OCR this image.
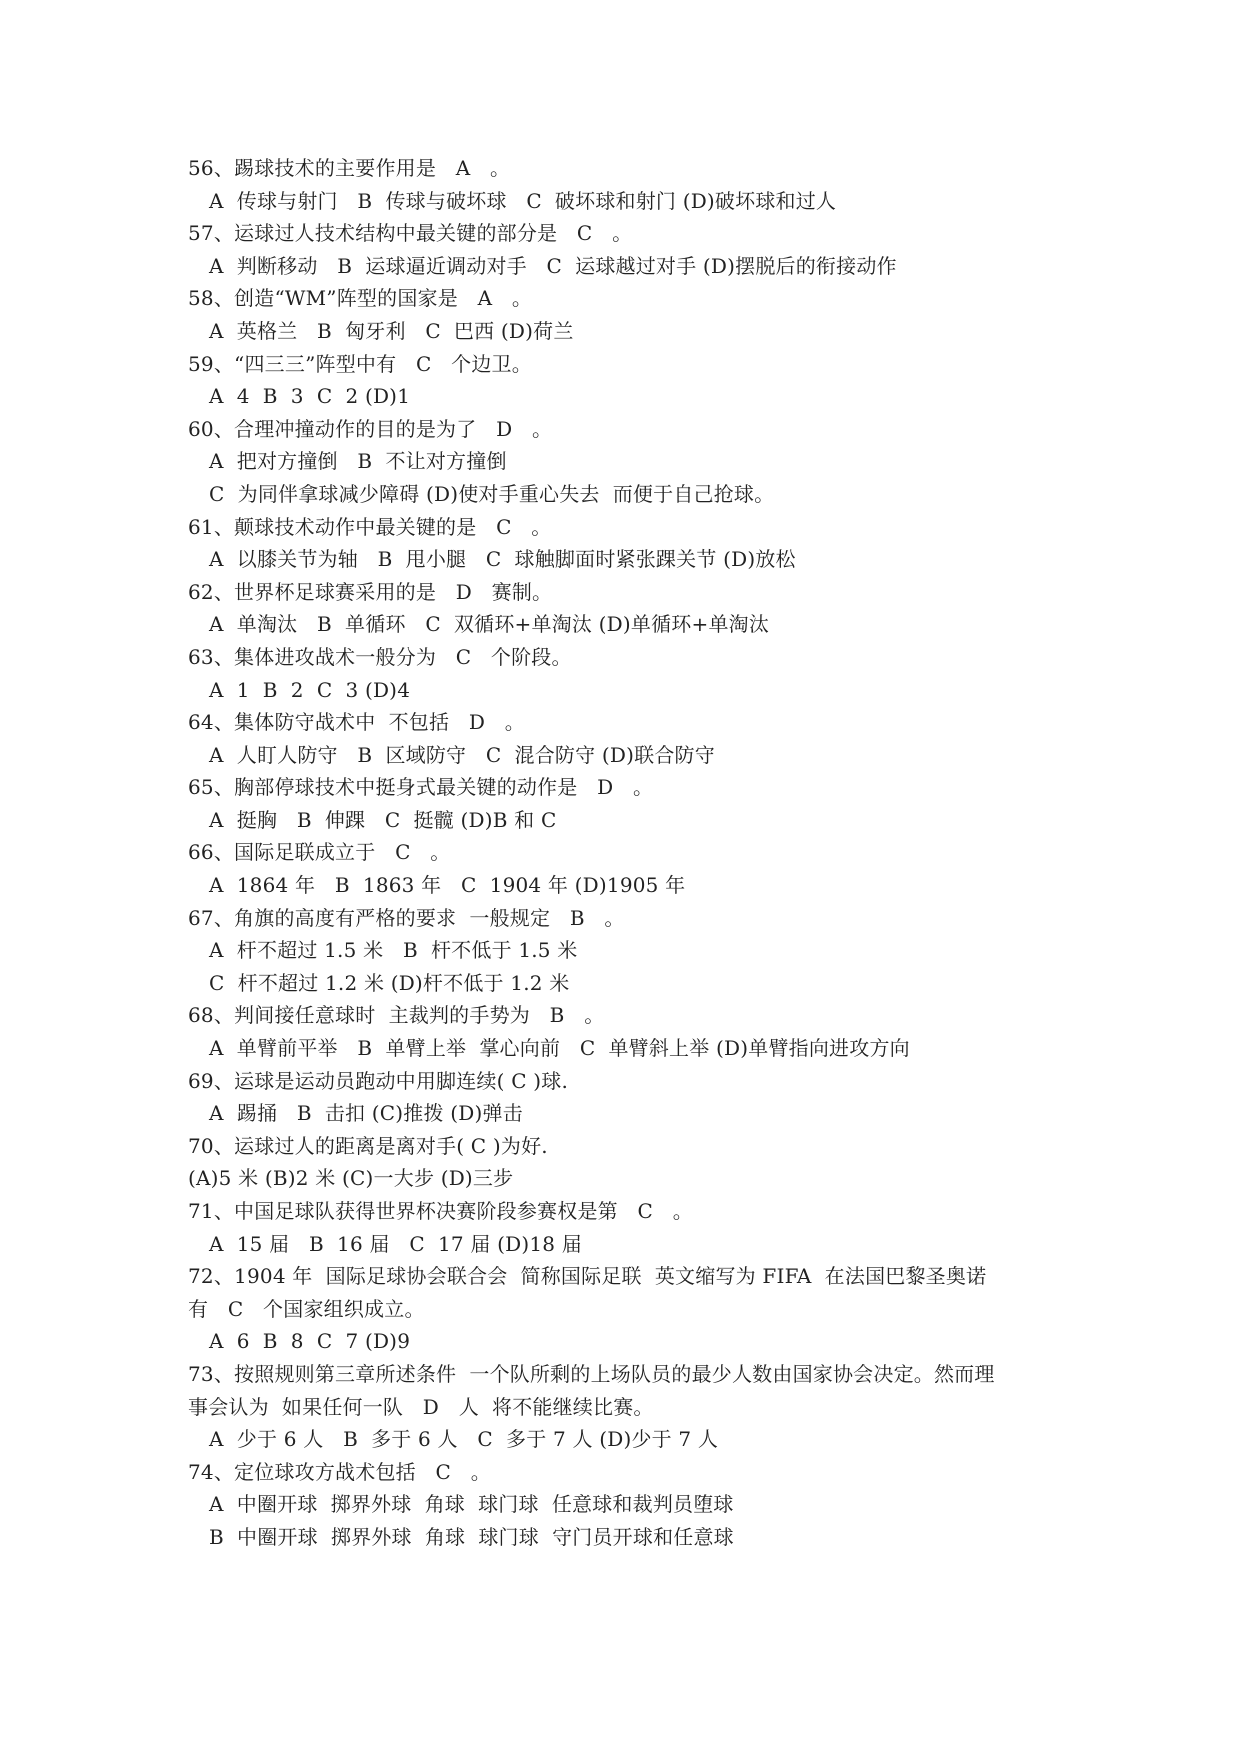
56、踢球技术的主要作用是   A   。
A  传球与射门   B  传球与破坏球   C  破坏球和射门 (D)破坏球和过人
57、运球过人技术结构中最关键的部分是   C   。
A  判断移动   B  运球逼近调动对手   C  运球越过对手 (D)摆脱后的衔接动作
58、创造“WM”阵型的国家是   A   。
A  英格兰   B  匈牙利   C  巴西 (D)荷兰
59、“四三三”阵型中有   C   个边卫。
A  4  B  3  C  2 (D)1
60、合理冲撞动作的目的是为了   D   。
A  把对方撞倒   B  不让对方撞倒
C  为同伴拿球减少障碍 (D)使对手重心失去  而便于自己抢球。
61、颠球技术动作中最关键的是   C   。
A  以膝关节为轴   B  甩小腿   C  球触脚面时紧张踝关节 (D)放松
62、世界杯足球赛采用的是   D   赛制。
A  单淘汰   B  单循环   C  双循环+单淘汰 (D)单循环+单淘汰
63、集体进攻战术一般分为   C   个阶段。
A  1  B  2  C  3 (D)4
64、集体防守战术中  不包括   D   。
A  人盯人防守   B  区域防守   C  混合防守 (D)联合防守
65、胸部停球技术中挺身式最关键的动作是   D   。
A  挺胸   B  伸踝   C  挺髋 (D)B 和 C
66、国际足联成立于   C   。
A  1864 年   B  1863 年   C  1904 年 (D)1905 年
67、角旗的高度有严格的要求  一般规定   B   。
A  杆不超过 1.5 米   B  杆不低于 1.5 米
C  杆不超过 1.2 米 (D)杆不低于 1.2 米
68、判间接任意球时  主裁判的手势为   B   。
A  单臂前平举   B  单臂上举  掌心向前   C  单臂斜上举 (D)单臂指向进攻方向
69、运球是运动员跑动中用脚连续( C )球.
A  踢捅   B  击扣 (C)推拨 (D)弹击
70、运球过人的距离是离对手( C )为好.
(A)5 米 (B)2 米 (C)一大步 (D)三步
71、中国足球队获得世界杯决赛阶段参赛权是第   C   。
A  15 届   B  16 届   C  17 届 (D)18 届
72、1904 年  国际足球协会联合会  简称国际足联  英文缩写为 FIFA  在法国巴黎圣奥诺
有   C   个国家组织成立。
A  6  B  8  C  7 (D)9
73、按照规则第三章所述条件  一个队所剩的上场队员的最少人数由国家协会决定。然而理
事会认为  如果任何一队   D   人  将不能继续比赛。
A  少于 6 人   B  多于 6 人   C  多于 7 人 (D)少于 7 人
74、定位球攻方战术包括   C   。
A  中圈开球  掷界外球  角球  球门球  任意球和裁判员堕球
B  中圈开球  掷界外球  角球  球门球  守门员开球和任意球
